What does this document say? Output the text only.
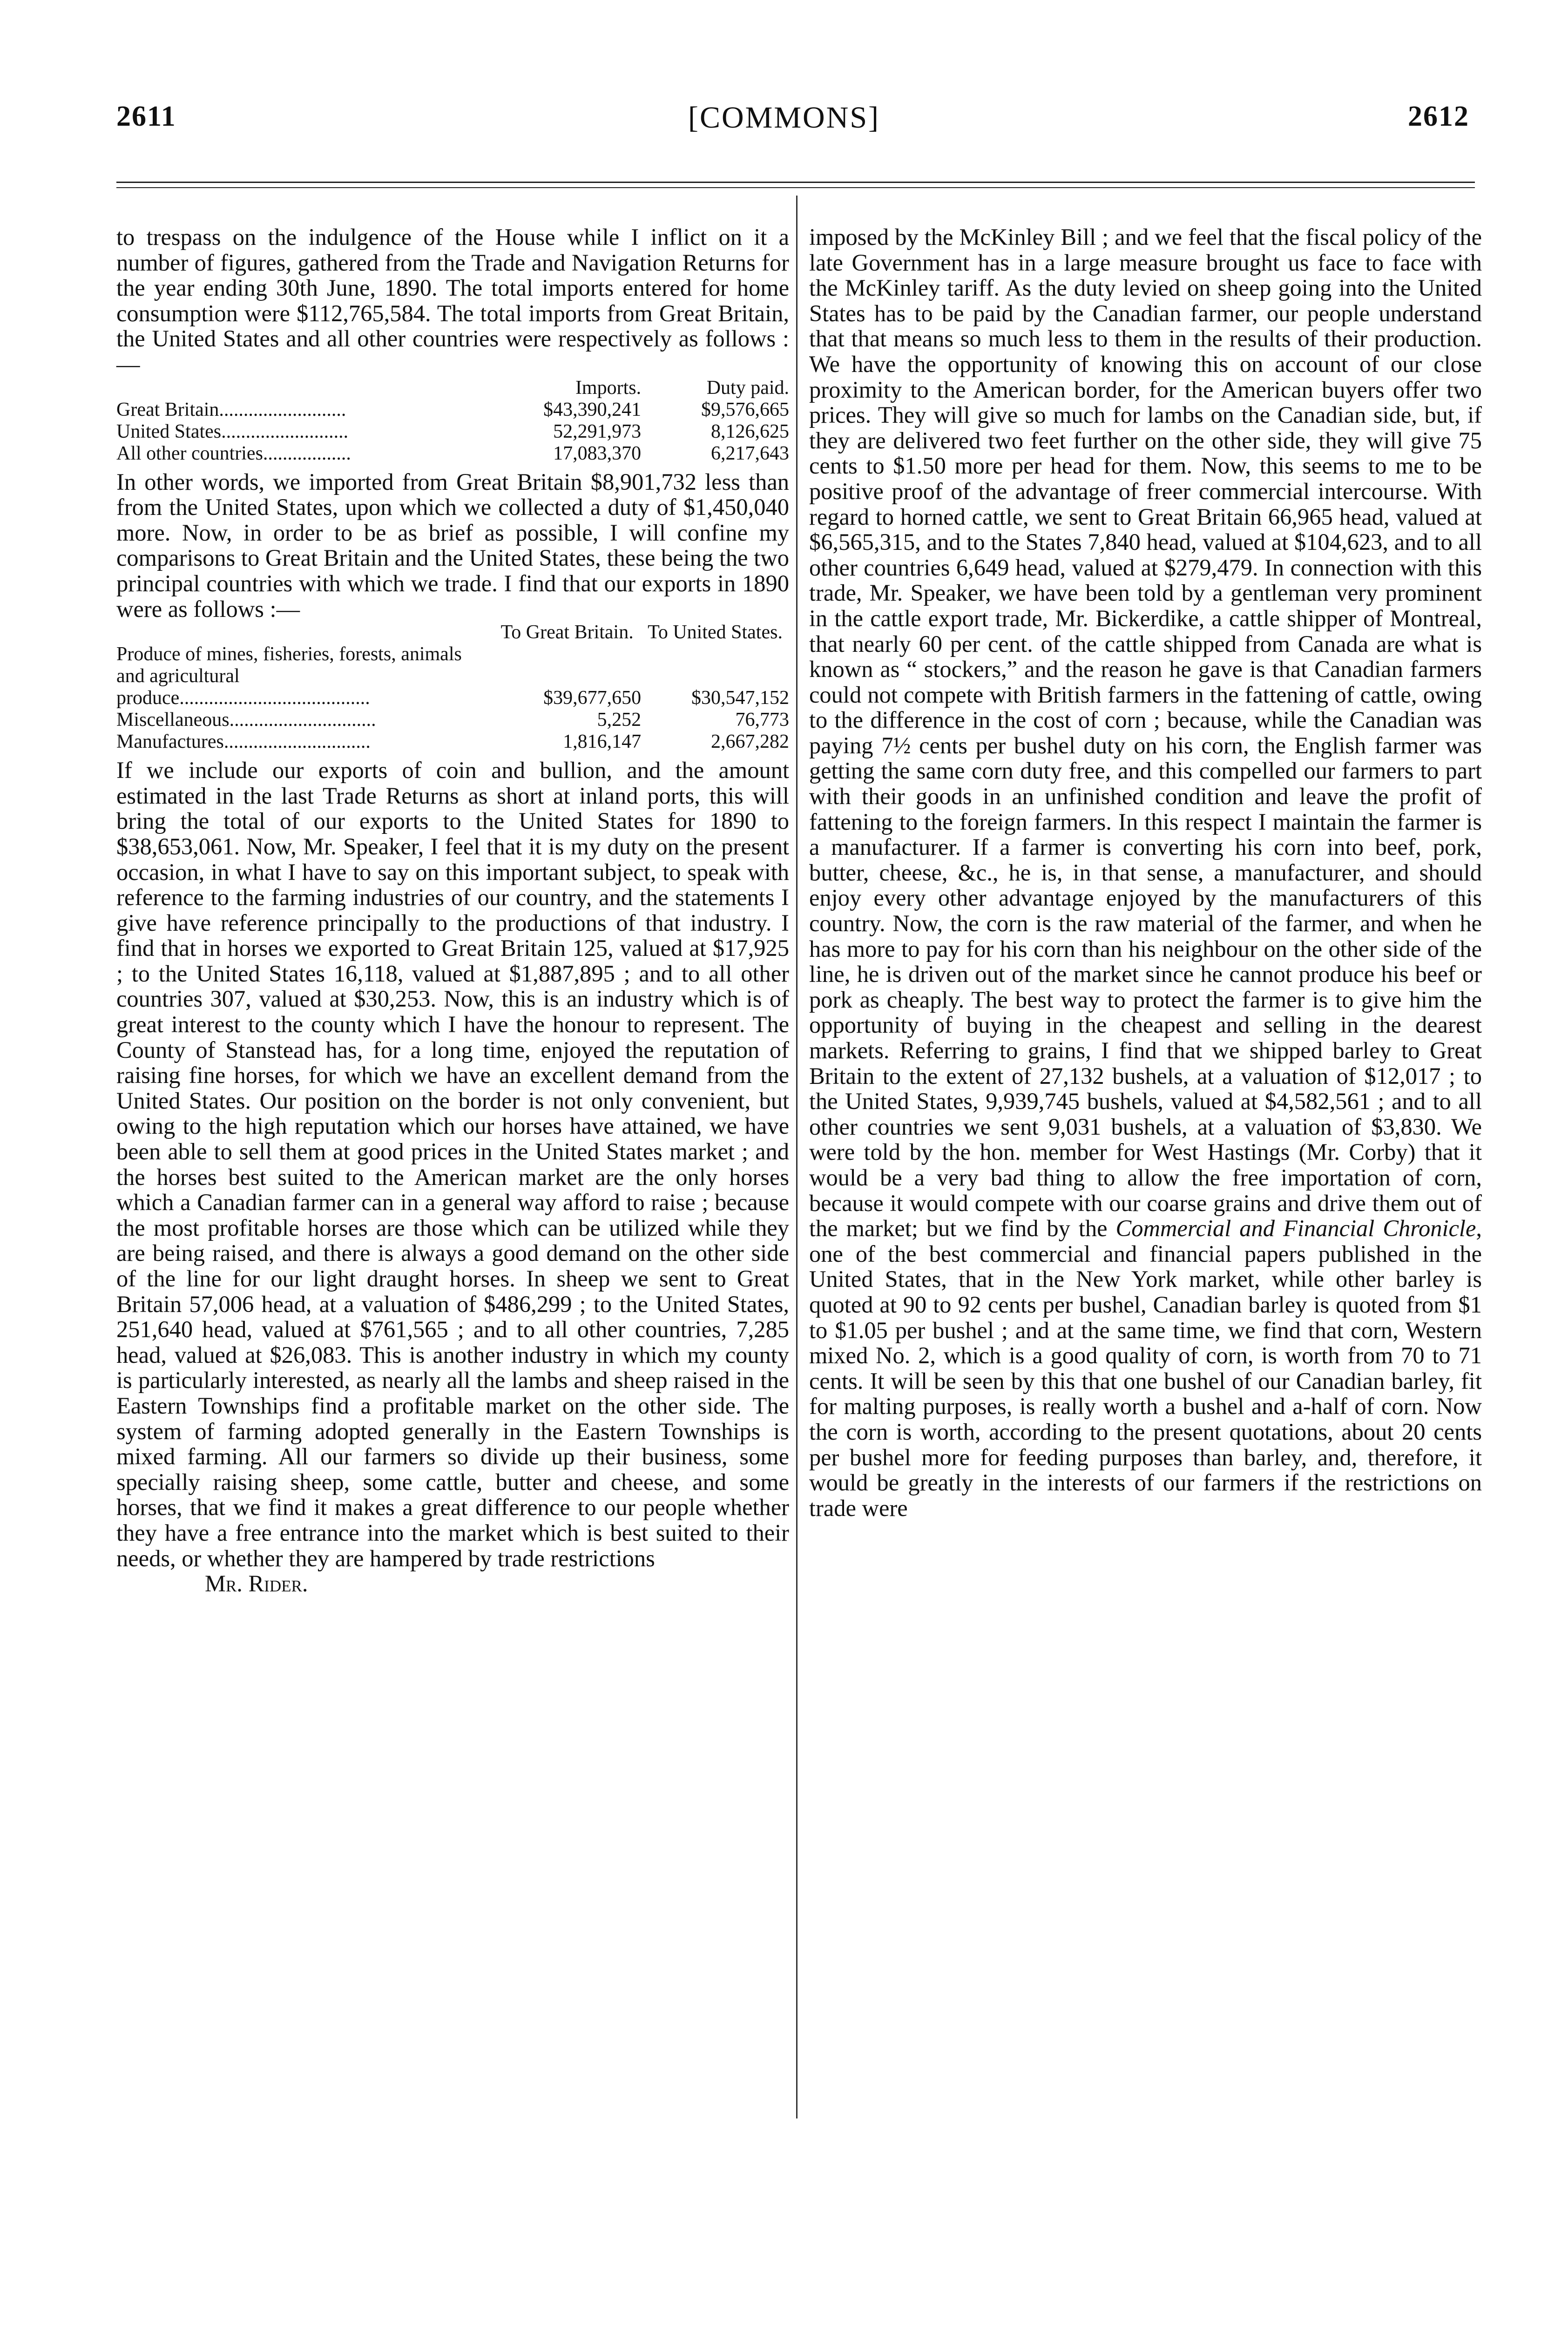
2611	[COMMONS]	2612

to trespass on the indulgence of the House while I inflict on it a number of figures, gathered from the Trade and Navigation Returns for the year ending 30th June, 1890. The total imports entered for home consumption were $112,765,584. The total imports from Great Britain, the United States and all other countries were respectively as follows :—

	Imports.	Duty paid.
Great Britain..........................	$43,390,241	$9,576,665
United States..........................	52,291,973	8,126,625
All other countries..................	17,083,370	6,217,643

In other words, we imported from Great Britain $8,901,732 less than from the United States, upon which we collected a duty of $1,450,040 more. Now, in order to be as brief as possible, I will confine my comparisons to Great Britain and the United States, these being the two principal countries with which we trade. I find that our exports in 1890 were as follows :—

	To Great Britain.	To United States.
Produce of mines, fisheries, forests, animals and agricultural produce.......................................	$39,677,650	$30,547,152
Miscellaneous..............................	5,252	76,773
Manufactures..............................	1,816,147	2,667,282

If we include our exports of coin and bullion, and the amount estimated in the last Trade Returns as short at inland ports, this will bring the total of our exports to the United States for 1890 to $38,653,061. Now, Mr. Speaker, I feel that it is my duty on the present occasion, in what I have to say on this important subject, to speak with reference to the farming industries of our country, and the statements I give have reference principally to the productions of that industry. I find that in horses we exported to Great Britain 125, valued at $17,925 ; to the United States 16,118, valued at $1,887,895 ; and to all other countries 307, valued at $30,253. Now, this is an industry which is of great interest to the county which I have the honour to represent. The County of Stanstead has, for a long time, enjoyed the reputation of raising fine horses, for which we have an excellent demand from the United States. Our position on the border is not only convenient, but owing to the high reputation which our horses have attained, we have been able to sell them at good prices in the United States market ; and the horses best suited to the American market are the only horses which a Canadian farmer can in a general way afford to raise ; because the most profitable horses are those which can be utilized while they are being raised, and there is always a good demand on the other side of the line for our light draught horses. In sheep we sent to Great Britain 57,006 head, at a valuation of $486,299 ; to the United States, 251,640 head, valued at $761,565 ; and to all other countries, 7,285 head, valued at $26,083. This is another industry in which my county is particularly interested, as nearly all the lambs and sheep raised in the Eastern Townships find a profitable market on the other side. The system of farming adopted generally in the Eastern Townships is mixed farming. All our farmers so divide up their business, some specially raising sheep, some cattle, butter and cheese, and some horses, that we find it makes a great difference to our people whether they have a free entrance into the market which is best suited to their needs, or whether they are hampered by trade restrictions

Mr. Rider.

imposed by the McKinley Bill ; and we feel that the fiscal policy of the late Government has in a large measure brought us face to face with the McKinley tariff. As the duty levied on sheep going into the United States has to be paid by the Canadian farmer, our people understand that that means so much less to them in the results of their production. We have the opportunity of knowing this on account of our close proximity to the American border, for the American buyers offer two prices. They will give so much for lambs on the Canadian side, but, if they are delivered two feet further on the other side, they will give 75 cents to $1.50 more per head for them. Now, this seems to me to be positive proof of the advantage of freer commercial intercourse. With regard to horned cattle, we sent to Great Britain 66,965 head, valued at $6,565,315, and to the States 7,840 head, valued at $104,623, and to all other countries 6,649 head, valued at $279,479. In connection with this trade, Mr. Speaker, we have been told by a gentleman very prominent in the cattle export trade, Mr. Bickerdike, a cattle shipper of Montreal, that nearly 60 per cent. of the cattle shipped from Canada are what is known as “ stockers,” and the reason he gave is that Canadian farmers could not compete with British farmers in the fattening of cattle, owing to the difference in the cost of corn ; because, while the Canadian was paying 7½ cents per bushel duty on his corn, the English farmer was getting the same corn duty free, and this compelled our farmers to part with their goods in an unfinished condition and leave the profit of fattening to the foreign farmers. In this respect I maintain the farmer is a manufacturer. If a farmer is converting his corn into beef, pork, butter, cheese, &c., he is, in that sense, a manufacturer, and should enjoy every other advantage enjoyed by the manufacturers of this country. Now, the corn is the raw material of the farmer, and when he has more to pay for his corn than his neighbour on the other side of the line, he is driven out of the market since he cannot produce his beef or pork as cheaply. The best way to protect the farmer is to give him the opportunity of buying in the cheapest and selling in the dearest markets. Referring to grains, I find that we shipped barley to Great Britain to the extent of 27,132 bushels, at a valuation of $12,017 ; to the United States, 9,939,745 bushels, valued at $4,582,561 ; and to all other countries we sent 9,031 bushels, at a valuation of $3,830. We were told by the hon. member for West Hastings (Mr. Corby) that it would be a very bad thing to allow the free importation of corn, because it would compete with our coarse grains and drive them out of the market; but we find by the Commercial and Financial Chronicle, one of the best commercial and financial papers published in the United States, that in the New York market, while other barley is quoted at 90 to 92 cents per bushel, Canadian barley is quoted from $1 to $1.05 per bushel ; and at the same time, we find that corn, Western mixed No. 2, which is a good quality of corn, is worth from 70 to 71 cents. It will be seen by this that one bushel of our Canadian barley, fit for malting purposes, is really worth a bushel and a-half of corn. Now the corn is worth, according to the present quotations, about 20 cents per bushel more for feeding purposes than barley, and, therefore, it would be greatly in the interests of our farmers if the restrictions on trade were
